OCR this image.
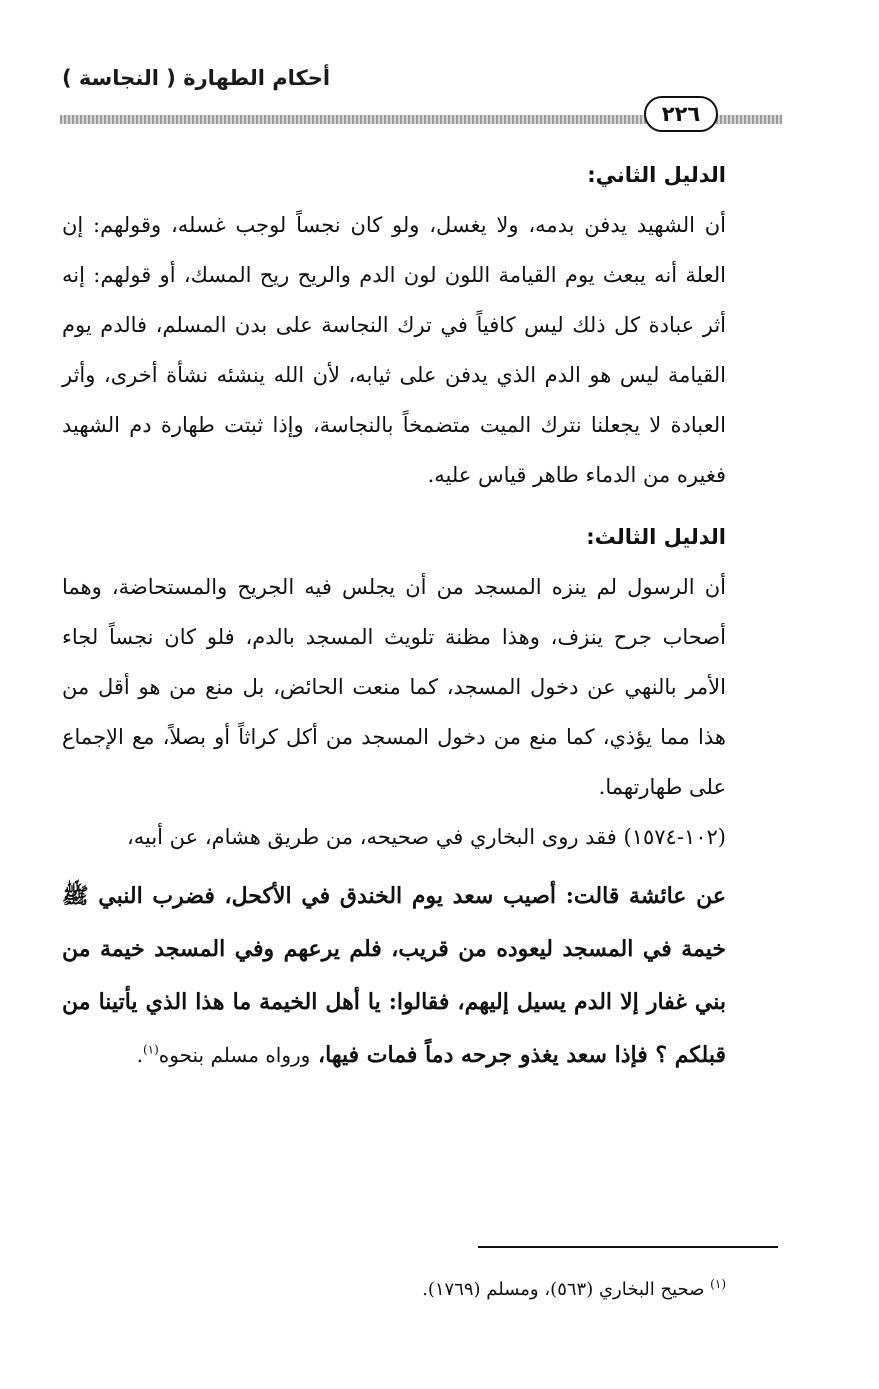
أحكام الطهارة ( النجاسة )
٢٢٦

الدليل الثاني:

أن الشهيد يدفن بدمه، ولا يغسل، ولو كان نجساً لوجب غسله، وقولهم: إن العلة أنه يبعث يوم القيامة اللون لون الدم والريح ريح المسك، أو قولهم: إنه أثر عبادة كل ذلك ليس كافياً في ترك النجاسة على بدن المسلم، فالدم يوم القيامة ليس هو الدم الذي يدفن على ثيابه، لأن الله ينشئه نشأة أخرى، وأثر العبادة لا يجعلنا نترك الميت متضمخاً بالنجاسة، وإذا ثبتت طهارة دم الشهيد فغيره من الدماء طاهر قياس عليه.

الدليل الثالث:

أن الرسول لم ينزه المسجد من أن يجلس فيه الجريح والمستحاضة، وهما أصحاب جرح ينزف، وهذا مظنة تلويث المسجد بالدم، فلو كان نجساً لجاء الأمر بالنهي عن دخول المسجد، كما منعت الحائض، بل منع من هو أقل من هذا مما يؤذي، كما منع من دخول المسجد من أكل كراثاً أو بصلاً، مع الإجماع على طهارتهما.

(١٠٢-١٥٧٤) فقد روى البخاري في صحيحه، من طريق هشام، عن أبيه،

عن عائشة قالت: أصيب سعد يوم الخندق في الأكحل، فضرب النبي ﷺ خيمة في المسجد ليعوده من قريب، فلم يرعهم وفي المسجد خيمة من بني غفار إلا الدم يسيل إليهم، فقالوا: يا أهل الخيمة ما هذا الذي يأتينا من قبلكم ؟ فإذا سعد يغذو جرحه دماً فمات فيها، ورواه مسلم بنحوه$^{(١)}$.

$^{(١)}$ صحيح البخاري (٥٦٣)، ومسلم (١٧٦٩).
